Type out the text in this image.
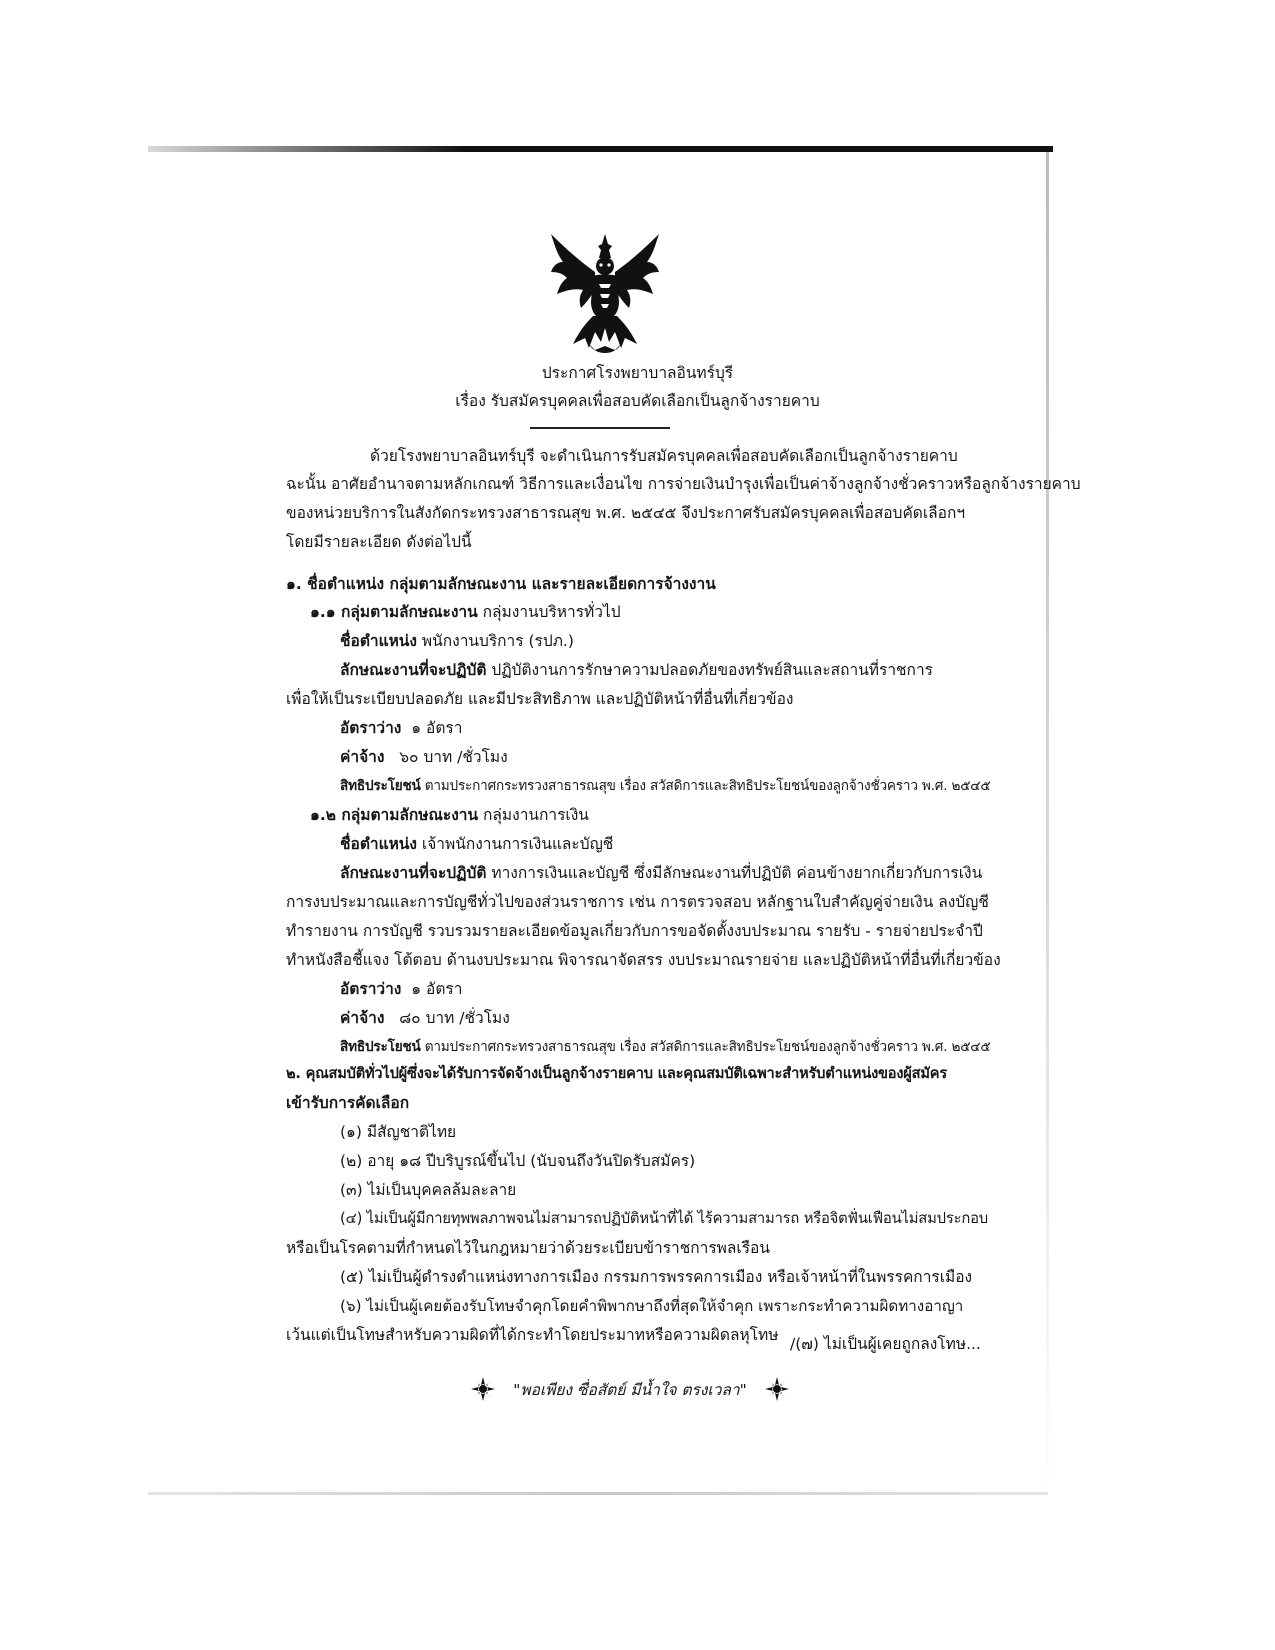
ประกาศโรงพยาบาลอินทร์บุรี
เรื่อง รับสมัครบุคคลเพื่อสอบคัดเลือกเป็นลูกจ้างรายคาบ
ด้วยโรงพยาบาลอินทร์บุรี จะดำเนินการรับสมัครบุคคลเพื่อสอบคัดเลือกเป็นลูกจ้างรายคาบ
ฉะนั้น อาศัยอำนาจตามหลักเกณฑ์ วิธีการและเงื่อนไข การจ่ายเงินบำรุงเพื่อเป็นค่าจ้างลูกจ้างชั่วคราวหรือลูกจ้างรายคาบ
ของหน่วยบริการในสังกัดกระทรวงสาธารณสุข พ.ศ. ๒๕๔๕ จึงประกาศรับสมัครบุคคลเพื่อสอบคัดเลือกฯ
โดยมีรายละเอียด ดังต่อไปนี้
๑. ชื่อตำแหน่ง กลุ่มตามลักษณะงาน และรายละเอียดการจ้างงาน
๑.๑ กลุ่มตามลักษณะงาน กลุ่มงานบริหารทั่วไป
ชื่อตำแหน่ง พนักงานบริการ (รปภ.)
ลักษณะงานที่จะปฏิบัติ ปฏิบัติงานการรักษาความปลอดภัยของทรัพย์สินและสถานที่ราชการ
เพื่อให้เป็นระเบียบปลอดภัย และมีประสิทธิภาพ และปฏิบัติหน้าที่อื่นที่เกี่ยวข้อง
อัตราว่าง ๑ อัตรา
ค่าจ้าง ๖๐ บาท /ชั่วโมง
สิทธิประโยชน์ ตามประกาศกระทรวงสาธารณสุข เรื่อง สวัสดิการและสิทธิประโยชน์ของลูกจ้างชั่วคราว พ.ศ. ๒๕๔๕
๑.๒ กลุ่มตามลักษณะงาน กลุ่มงานการเงิน
ชื่อตำแหน่ง เจ้าพนักงานการเงินและบัญชี
ลักษณะงานที่จะปฏิบัติ ทางการเงินและบัญชี ซึ่งมีลักษณะงานที่ปฏิบัติ ค่อนข้างยากเกี่ยวกับการเงิน
การงบประมาณและการบัญชีทั่วไปของส่วนราชการ เช่น การตรวจสอบ หลักฐานใบสำคัญคู่จ่ายเงิน ลงบัญชี
ทำรายงาน การบัญชี รวบรวมรายละเอียดข้อมูลเกี่ยวกับการขอจัดตั้งงบประมาณ รายรับ - รายจ่ายประจำปี
ทำหนังสือชี้แจง โต้ตอบ ด้านงบประมาณ พิจารณาจัดสรร งบประมาณรายจ่าย และปฏิบัติหน้าที่อื่นที่เกี่ยวข้อง
อัตราว่าง ๑ อัตรา
ค่าจ้าง ๘๐ บาท /ชั่วโมง
สิทธิประโยชน์ ตามประกาศกระทรวงสาธารณสุข เรื่อง สวัสดิการและสิทธิประโยชน์ของลูกจ้างชั่วคราว พ.ศ. ๒๕๔๕
๒. คุณสมบัติทั่วไปผู้ซึ่งจะได้รับการจัดจ้างเป็นลูกจ้างรายคาบ และคุณสมบัติเฉพาะสำหรับตำแหน่งของผู้สมัคร
เข้ารับการคัดเลือก
(๑) มีสัญชาติไทย
(๒) อายุ ๑๘ ปีบริบูรณ์ขึ้นไป (นับจนถึงวันปิดรับสมัคร)
(๓) ไม่เป็นบุคคลล้มละลาย
(๔) ไม่เป็นผู้มีกายทุพพลภาพจนไม่สามารถปฏิบัติหน้าที่ได้ ไร้ความสามารถ หรือจิตฟั่นเฟือนไม่สมประกอบ
หรือเป็นโรคตามที่กำหนดไว้ในกฎหมายว่าด้วยระเบียบข้าราชการพลเรือน
(๕) ไม่เป็นผู้ดำรงตำแหน่งทางการเมือง กรรมการพรรคการเมือง หรือเจ้าหน้าที่ในพรรคการเมือง
(๖) ไม่เป็นผู้เคยต้องรับโทษจำคุกโดยคำพิพากษาถึงที่สุดให้จำคุก เพราะกระทำความผิดทางอาญา
เว้นแต่เป็นโทษสำหรับความผิดที่ได้กระทำโดยประมาทหรือความผิดลหุโทษ /(๗) ไม่เป็นผู้เคยถูกลงโทษ...
"พอเพียง ซื่อสัตย์ มีน้ำใจ ตรงเวลา"
